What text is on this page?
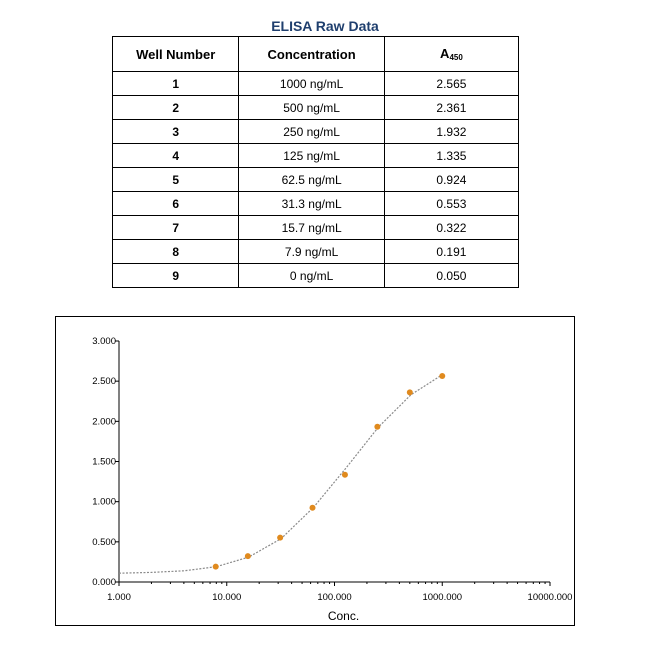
ELISA Raw Data
Well Number	Concentration	$A_{450}$
1	1000 ng/mL	2.565
2	500 ng/mL	2.361
3	250 ng/mL	1.932
4	125 ng/mL	1.335
5	62.5 ng/mL	0.924
6	31.3 ng/mL	0.553
7	15.7 ng/mL	0.322
8	7.9 ng/mL	0.191
9	0 ng/mL	0.050
0.000
0.500
1.000
1.500
2.000
2.500
3.000
1.000	10.000	100.000	1000.000	10000.000
Conc.
